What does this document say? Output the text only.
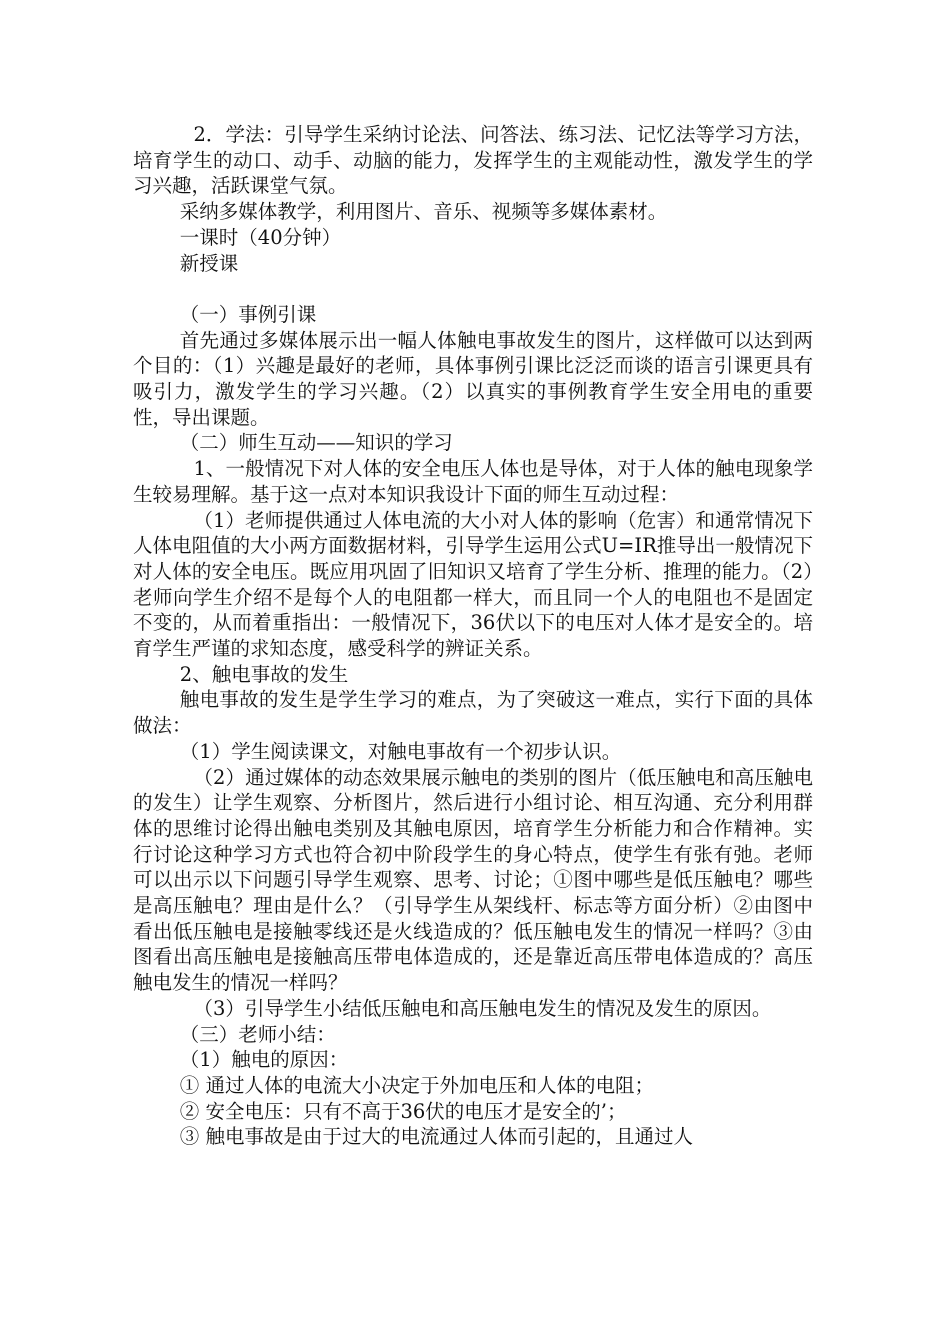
2．学法：引导学生采纳讨论法、问答法、练习法、记忆法等学习方法，培育学生的动口、动手、动脑的能力，发挥学生的主观能动性，激发学生的学习兴趣，活跃课堂气氛。

采纳多媒体教学，利用图片、音乐、视频等多媒体素材。

一课时（40分钟）

新授课

（一）事例引课

首先通过多媒体展示出一幅人体触电事故发生的图片，这样做可以达到两个目的：（1）兴趣是最好的老师，具体事例引课比泛泛而谈的语言引课更具有吸引力，激发学生的学习兴趣。（2）以真实的事例教育学生安全用电的重要性，导出课题。

（二）师生互动——知识的学习

1、一般情况下对人体的安全电压人体也是导体，对于人体的触电现象学生较易理解。基于这一点对本知识我设计下面的师生互动过程：

（1）老师提供通过人体电流的大小对人体的影响（危害）和通常情况下人体电阻值的大小两方面数据材料，引导学生运用公式U=IR推导出一般情况下对人体的安全电压。既应用巩固了旧知识又培育了学生分析、推理的能力。（2）老师向学生介绍不是每个人的电阻都一样大，而且同一个人的电阻也不是固定不变的，从而着重指出：一般情况下，36伏以下的电压对人体才是安全的。培育学生严谨的求知态度，感受科学的辨证关系。

2、触电事故的发生

触电事故的发生是学生学习的难点，为了突破这一难点，实行下面的具体做法：

（1）学生阅读课文，对触电事故有一个初步认识。

（2）通过媒体的动态效果展示触电的类别的图片（低压触电和高压触电的发生）让学生观察、分析图片，然后进行小组讨论、相互沟通、充分利用群体的思维讨论得出触电类别及其触电原因，培育学生分析能力和合作精神。实行讨论这种学习方式也符合初中阶段学生的身心特点，使学生有张有弛。老师可以出示以下问题引导学生观察、思考、讨论；①图中哪些是低压触电？哪些是高压触电？理由是什么？（引导学生从架线杆、标志等方面分析）②由图中看出低压触电是接触零线还是火线造成的？低压触电发生的情况一样吗？③由图看出高压触电是接触高压带电体造成的，还是靠近高压带电体造成的？高压触电发生的情况一样吗？

（3）引导学生小结低压触电和高压触电发生的情况及发生的原因。

（三）老师小结：

（1）触电的原因：

① 通过人体的电流大小决定于外加电压和人体的电阻；

② 安全电压：只有不高于36伏的电压才是安全的’；

③ 触电事故是由于过大的电流通过人体而引起的，且通过人
